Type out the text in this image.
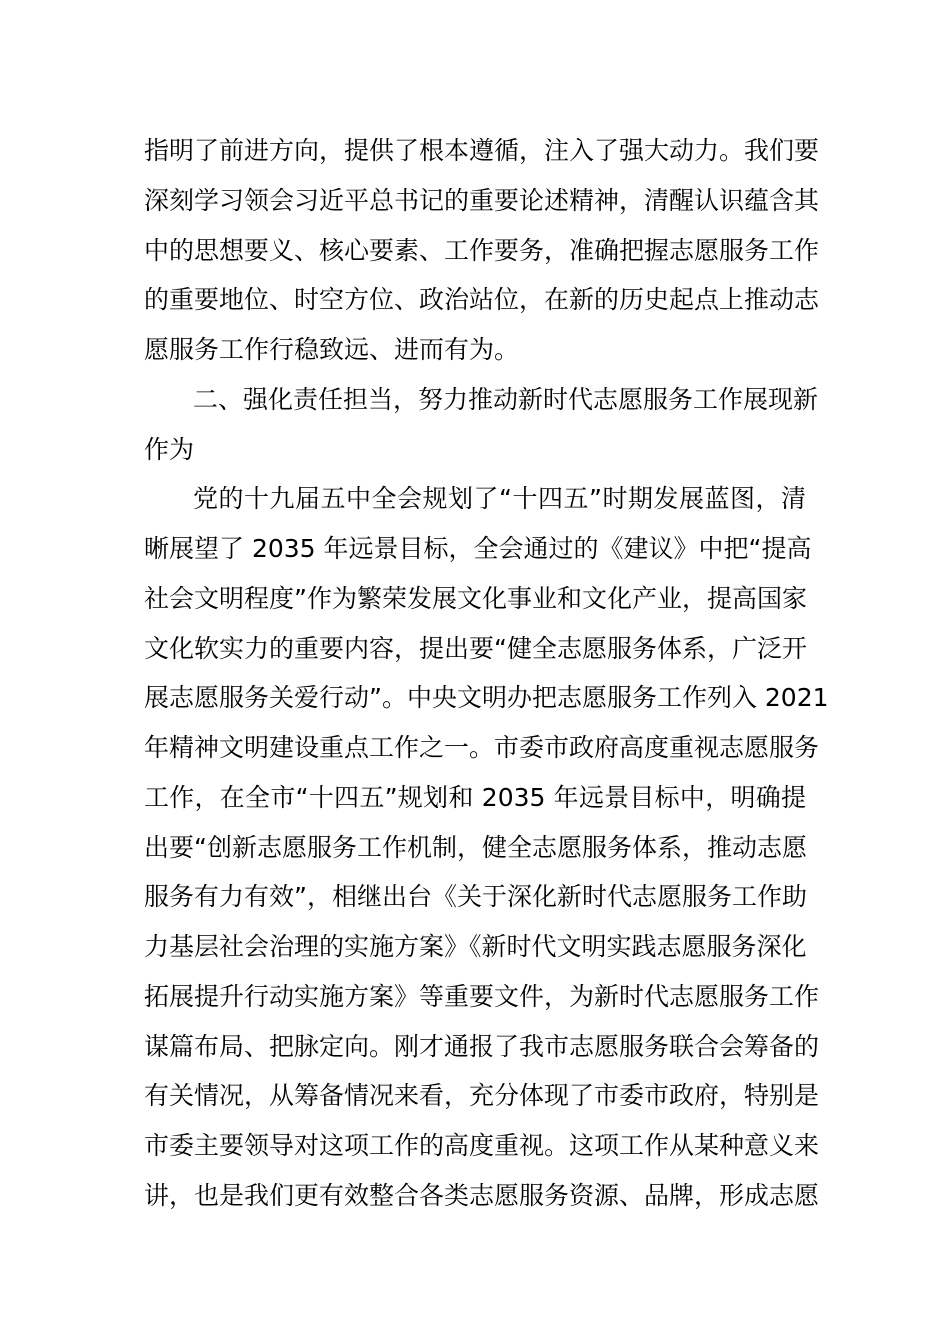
指明了前进方向，提供了根本遵循，注入了强大动力。我们要
深刻学习领会习近平总书记的重要论述精神，清醒认识蕴含其
中的思想要义、核心要素、工作要务，准确把握志愿服务工作
的重要地位、时空方位、政治站位，在新的历史起点上推动志
愿服务工作行稳致远、进而有为。
二、强化责任担当，努力推动新时代志愿服务工作展现新
作为
党的十九届五中全会规划了“十四五”时期发展蓝图，清
晰展望了 2035 年远景目标，全会通过的《建议》中把“提高
社会文明程度”作为繁荣发展文化事业和文化产业，提高国家
文化软实力的重要内容，提出要“健全志愿服务体系，广泛开
展志愿服务关爱行动”。中央文明办把志愿服务工作列入 2021
年精神文明建设重点工作之一。市委市政府高度重视志愿服务
工作，在全市“十四五”规划和 2035 年远景目标中，明确提
出要“创新志愿服务工作机制，健全志愿服务体系，推动志愿
服务有力有效”，相继出台《关于深化新时代志愿服务工作助
力基层社会治理的实施方案》《新时代文明实践志愿服务深化
拓展提升行动实施方案》等重要文件，为新时代志愿服务工作
谋篇布局、把脉定向。刚才通报了我市志愿服务联合会筹备的
有关情况，从筹备情况来看，充分体现了市委市政府，特别是
市委主要领导对这项工作的高度重视。这项工作从某种意义来
讲，也是我们更有效整合各类志愿服务资源、品牌，形成志愿
